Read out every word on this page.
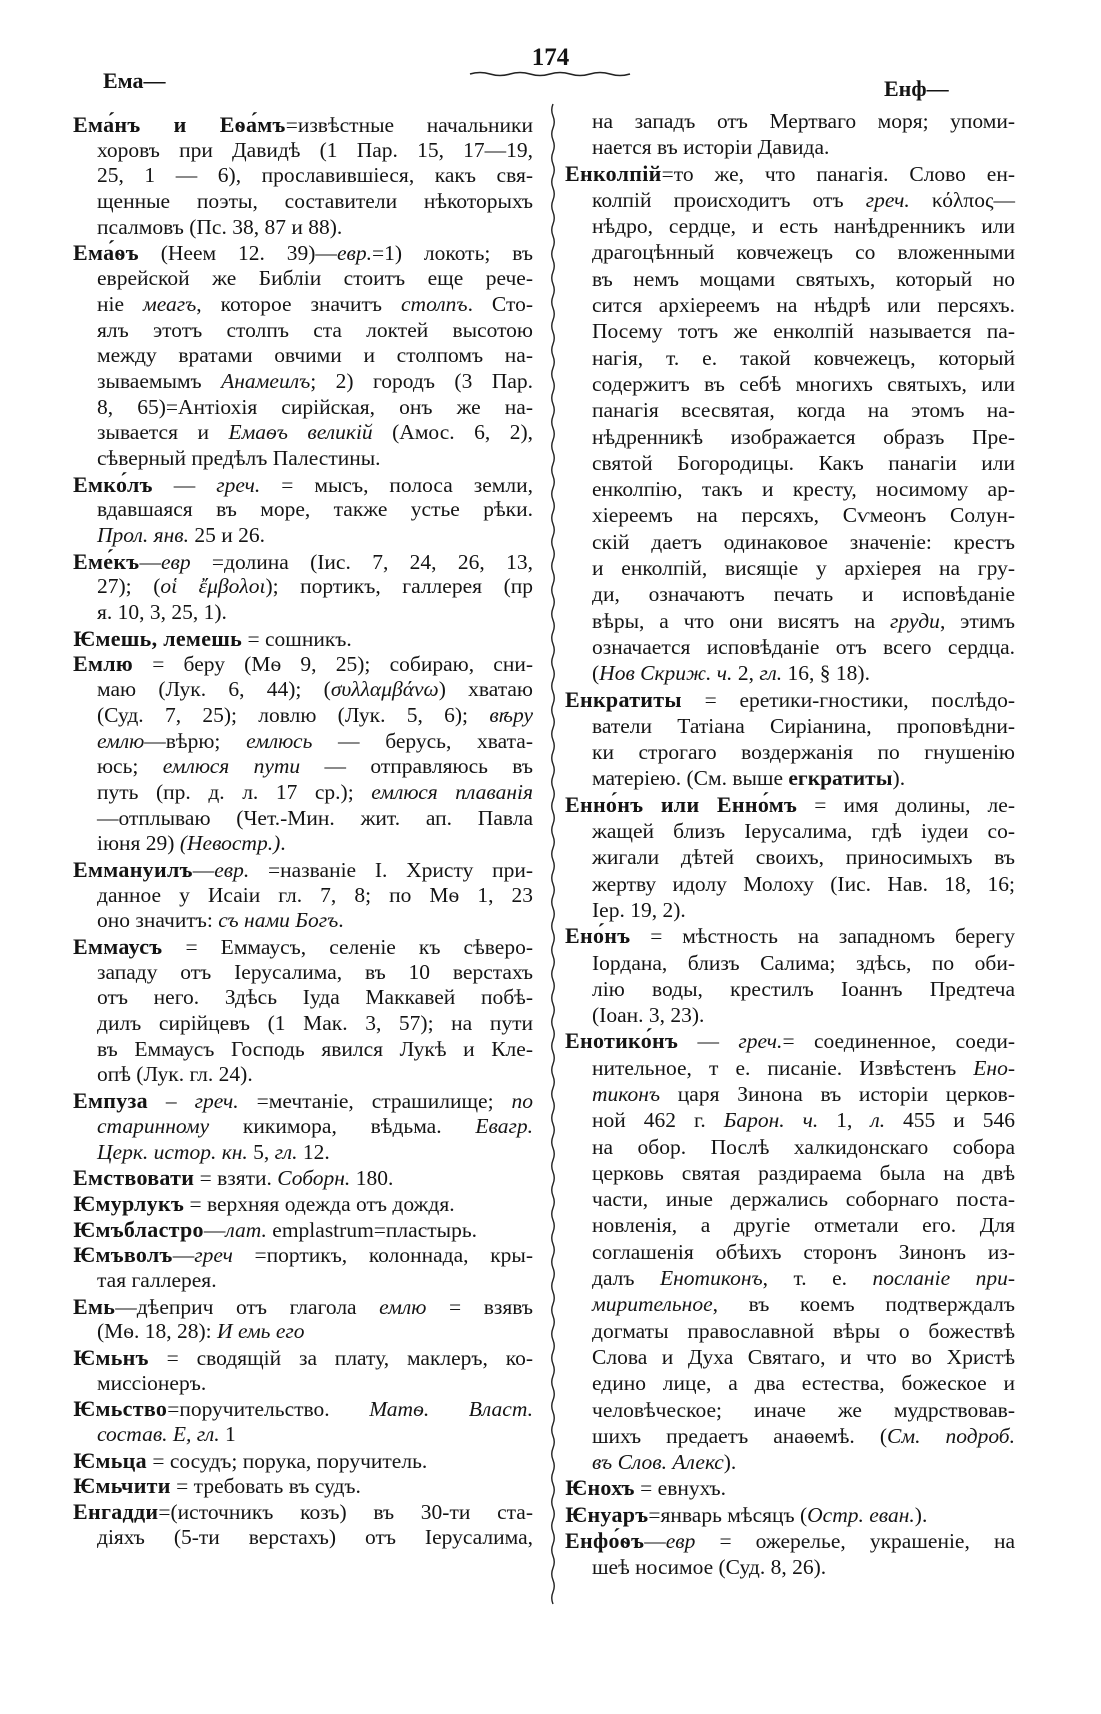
174
Ема—	Енф—
Ема́нъ и Еѳа́мъ=извѣстные начальники
хоровъ при Давидѣ (1 Пар. 15, 17—19,
25, 1 — 6), прославившіеся, какъ свя-
щенные поэты, составители нѣкоторыхъ
псалмовъ (Пс. 38, 87 и 88).
Ема́ѳъ (Неем 12. 39)—евр.=1) локоть; въ
еврейской же Библіи стоитъ еще рече-
ніе меагъ, которое значитъ столпъ. Сто-
ялъ этотъ столпъ ста локтей высотою
между вратами овчими и столпомъ на-
зываемымъ Анамеилъ; 2) городъ (3 Пар.
8, 65)=Антіохія сирійская, онъ же на-
зывается и Емаѳъ великій (Амос. 6, 2),
сѣверный предѣлъ Палестины.
Емко́лъ — греч. = мысъ, полоса земли,
вдавшаяся въ море, также устье рѣки.
Прол. янв. 25 и 26.
Еме́къ—евр =долина (Іис. 7, 24, 26, 13,
27); (οἱ ἔμβολοι); портикъ, галлерея (пр
я. 10, 3, 25, 1).
Ѥмешь, лемешь = сошникъ.
Емлю = беру (Мѳ 9, 25); собираю, сни-
маю (Лук. 6, 44); (συλλαμβάνω) хватаю
(Суд. 7, 25); ловлю (Лук. 5, 6); вѣру
емлю—вѣрю; емлюсь — берусь, хвата-
юсь; емлюся пути — отправляюсь въ
путь (пр. д. л. 17 ср.); емлюся плаванія
—отплываю (Чет.-Мин. жит. ап. Павла
іюня 29) (Невостр.).
Еммануилъ—евр. =названіе І. Христу при-
данное у Исаіи гл. 7, 8; по Мѳ 1, 23
оно значитъ: съ нами Богъ.
Еммаусъ = Еммаусъ, селеніе къ сѣверо-
западу отъ Іерусалима, въ 10 верстахъ
отъ него. Здѣсь Іуда Маккавей побѣ-
дилъ сирійцевъ (1 Мак. 3, 57); на пути
въ Еммаусъ Господь явился Лукѣ и Кле-
опѣ (Лук. гл. 24).
Емпуза – греч. =мечтаніе, страшилище; по
старинному кикимора, вѣдьма. Евагр.
Церк. истор. кн. 5, гл. 12.
Емствовати = взяти. Соборн. 180.
Ѥмурлукъ = верхняя одежда отъ дождя.
Ѥмъбластро—лат. emplastrum=пластырь.
Ѥмъволъ—греч =портикъ, колоннада, кры-
тая галлерея.
Емь—дѣеприч отъ глагола емлю = взявъ
(Мѳ. 18, 28): И емь его
Ѥмьнъ = сводящій за плату, маклеръ, ко-
миссіонеръ.
Ѥмьство=поручительство. Матѳ. Власт.
состав. Е, гл. 1
Ѥмьца = сосудъ; порука, поручитель.
Ѥмьчити = требовать въ судъ.
Енгадди=(источникъ козъ) въ 30-ти ста-
діяхъ (5-ти верстахъ) отъ Іерусалима,
на западъ отъ Мертваго моря; упоми-
нается въ исторіи Давида.
Енколпій=то же, что панагія. Слово ен-
колпій происходитъ отъ греч. κόλπος—
нѣдро, сердце, и есть нанѣдренникъ или
драгоцѣнный ковчежецъ со вложенными
въ немъ мощами святыхъ, который но
сится архіереемъ на нѣдрѣ или персяхъ.
Посему тотъ же енколпій называется па-
нагія, т. е. такой ковчежецъ, который
содержитъ въ себѣ многихъ святыхъ, или
панагія всесвятая, когда на этомъ на-
нѣдренникѣ изображается образъ Пре-
святой Богородицы. Какъ панагіи или
енколпію, такъ и кресту, носимому ар-
хіереемъ на персяхъ, Сѵмеонъ Солун-
скій даетъ одинаковое значеніе: крестъ
и енколпій, висящіе у архіерея на гру-
ди, означаютъ печать и исповѣданіе
вѣры, а что они висятъ на груди, этимъ
означается исповѣданіе отъ всего сердца.
(Нов Скриж. ч. 2, гл. 16, § 18).
Енкратиты = еретики-гностики, послѣдо-
ватели Татіана Сиріанина, проповѣдни-
ки строгаго воздержанія по гнушенію
матеріею. (См. выше егкратиты).
Енно́нъ или Енно́мъ = имя долины, ле-
жащей близъ Іерусалима, гдѣ іудеи со-
жигали дѣтей своихъ, приносимыхъ въ
жертву идолу Молоху (Іис. Нав. 18, 16;
Іер. 19, 2).
Ено́нъ = мѣстность на западномъ берегу
Іордана, близъ Салима; здѣсь, по оби-
лію воды, крестилъ Іоаннъ Предтеча
(Іоан. 3, 23).
Енотико́нъ — греч.= соединенное, соеди-
нительное, т е. писаніе. Извѣстенъ Ено-
тиконъ царя Зинона въ исторіи церков-
ной 462 г. Барон. ч. 1, л. 455 и 546
на обор. Послѣ халкидонскаго собора
церковь святая раздираема была на двѣ
части, иные держались соборнаго поста-
новленія, а другіе отметали его. Для
соглашенія обѣихъ сторонъ Зинонъ из-
далъ Енотиконъ, т. е. посланіе при-
мирительное, въ коемъ подтверждалъ
догматы православной вѣры о божествѣ
Слова и Духа Святаго, и что во Христѣ
едино лице, а два естества, божеское и
человѣческое; иначе же мудрствовав-
шихъ предаетъ анаѳемѣ. (См. подроб.
въ Слов. Алекс).
Ѥнохъ = евнухъ.
Ѥнуаръ=январь мѣсяцъ (Остр. еван.).
Енфо́ѳъ—евр = ожерелье, украшеніе, на
шеѣ носимое (Суд. 8, 26).
